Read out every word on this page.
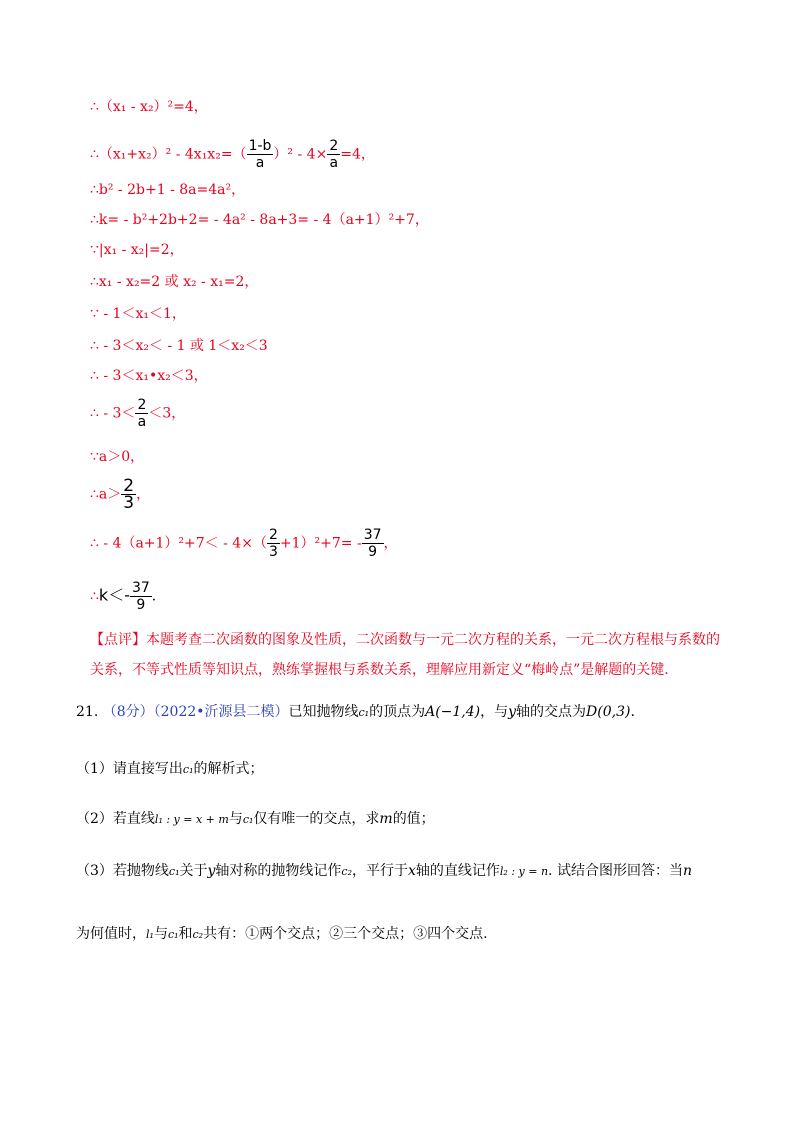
∴（x₁ - x₂）²=4，
∴（x₁+x₂）² - $4x_1x_2=( \frac{1-b}{a} )^2 - 4\times \frac{2}{a} =4$，
∴b² - 2b+1 - 8a=4a²，
∴k= - b²+2b+2= - 4a² - 8a+3= - 4（a+1）²+7，
∵|x₁ - x₂|=2，
∴x₁ - x₂=2 或 x₂ - x₁=2，
∵ - 1＜x₁＜1，
∴ - 3＜x₂＜ - 1 或 1＜x₂＜3
∴ - 3＜x₁•x₂＜3，
∴ - $3< \frac{2}{a} <3$，
∵a＞0，
∴a＞ $\frac{2}{3}$ ，
∴ - $4(a+1)^2+7< - 4\times( \frac{2}{3} +1)^2+7= - \frac{37}{9}$ ，
∴k＜- $\frac{37}{9}$ .
【点评】本题考查二次函数的图象及性质，二次函数与一元二次方程的关系，一元二次方程根与系数的关系，不等式性质等知识点，熟练掌握根与系数关系，理解应用新定义“梅岭点”是解题的关键.
21. （8分）（2022•沂源县二模）已知抛物线c₁的顶点为A(−1,4)，与y轴的交点为D(0,3).
（1）请直接写出c₁的解析式；
（2）若直线l₁ : y = x + m与c₁仅有唯一的交点，求m的值；
（3）若抛物线c₁关于y轴对称的抛物线记作c₂，平行于x轴的直线记作l₂ : y = n. 试结合图形回答：当n
为何值时，l₁与c₁和c₂共有：①两个交点；②三个交点；③四个交点.
